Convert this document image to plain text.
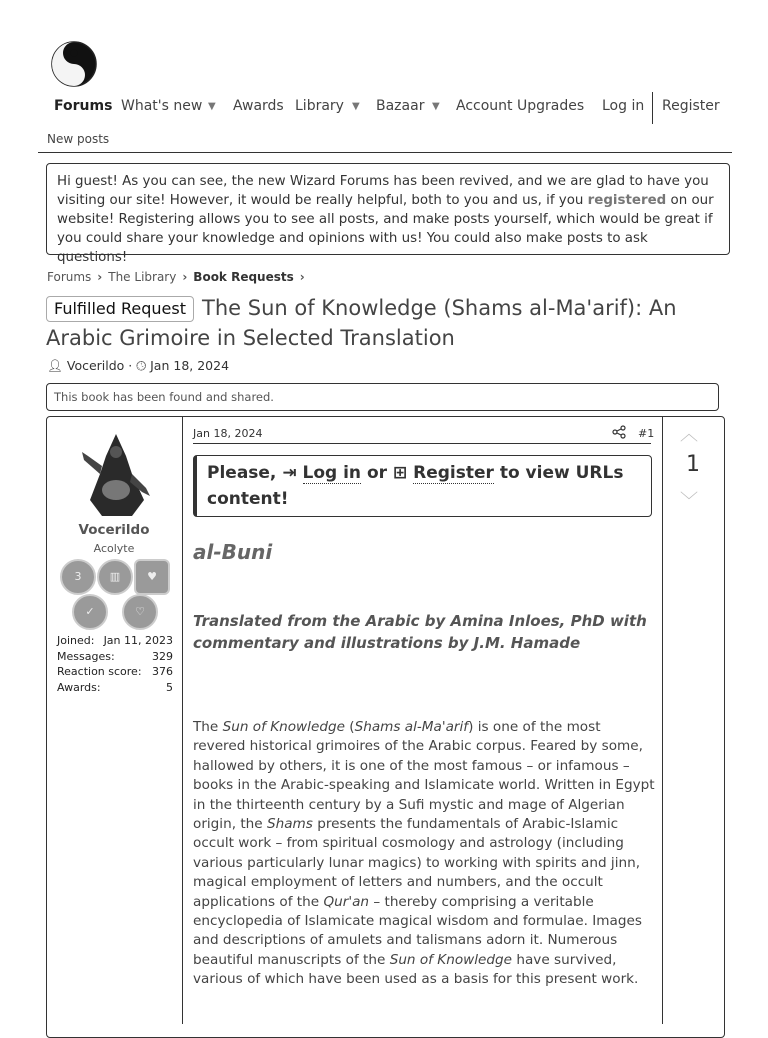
Forums What's new ▼ Awards Library ▼ Bazaar ▼ Account Upgrades Log in Register
New posts
Hi guest! As you can see, the new Wizard Forums has been revived, and we are glad to have you visiting our site! However, it would be really helpful, both to you and us, if you registered on our website! Registering allows you to see all posts, and make posts yourself, which would be great if you could share your knowledge and opinions with us! You could also make posts to ask questions!
Forums › The Library › Book Requests ›
The Sun of Knowledge (Shams al-Ma'arif): An Arabic Grimoire in Selected Translation
Fulfilled Request
👤︎ Vocerildo · 🕓︎ Jan 18, 2024
This book has been found and shared.
Vocerildo
Acolyte
3	▥	♥
✓	♡
Joined: Jan 11, 2023
Messages:	329
Reaction score: 376
Awards:	5
Jan 18, 2024	#1 ︿
1
﹀
Please, ⇥ Log in or ⊞ Register to view URLs content!
al-Buni
Translated from the Arabic by Amina Inloes, PhD with commentary and illustrations by J.M. Hamade
The Sun of Knowledge (Shams al-Ma'arif) is one of the most revered historical grimoires of the Arabic corpus. Feared by some, hallowed by others, it is one of the most famous – or infamous – books in the Arabic-speaking and Islamicate world. Written in Egypt in the thirteenth century by a Sufi mystic and mage of Algerian origin, the Shams presents the fundamentals of Arabic-Islamic occult work – from spiritual cosmology and astrology (including various particularly lunar magics) to working with spirits and jinn, magical employment of letters and numbers, and the occult applications of the Qur'an – thereby comprising a veritable encyclopedia of Islamicate magical wisdom and formulae. Images and descriptions of amulets and talismans adorn it. Numerous beautiful manuscripts of the Sun of Knowledge have survived, various of which have been used as a basis for this present work.
